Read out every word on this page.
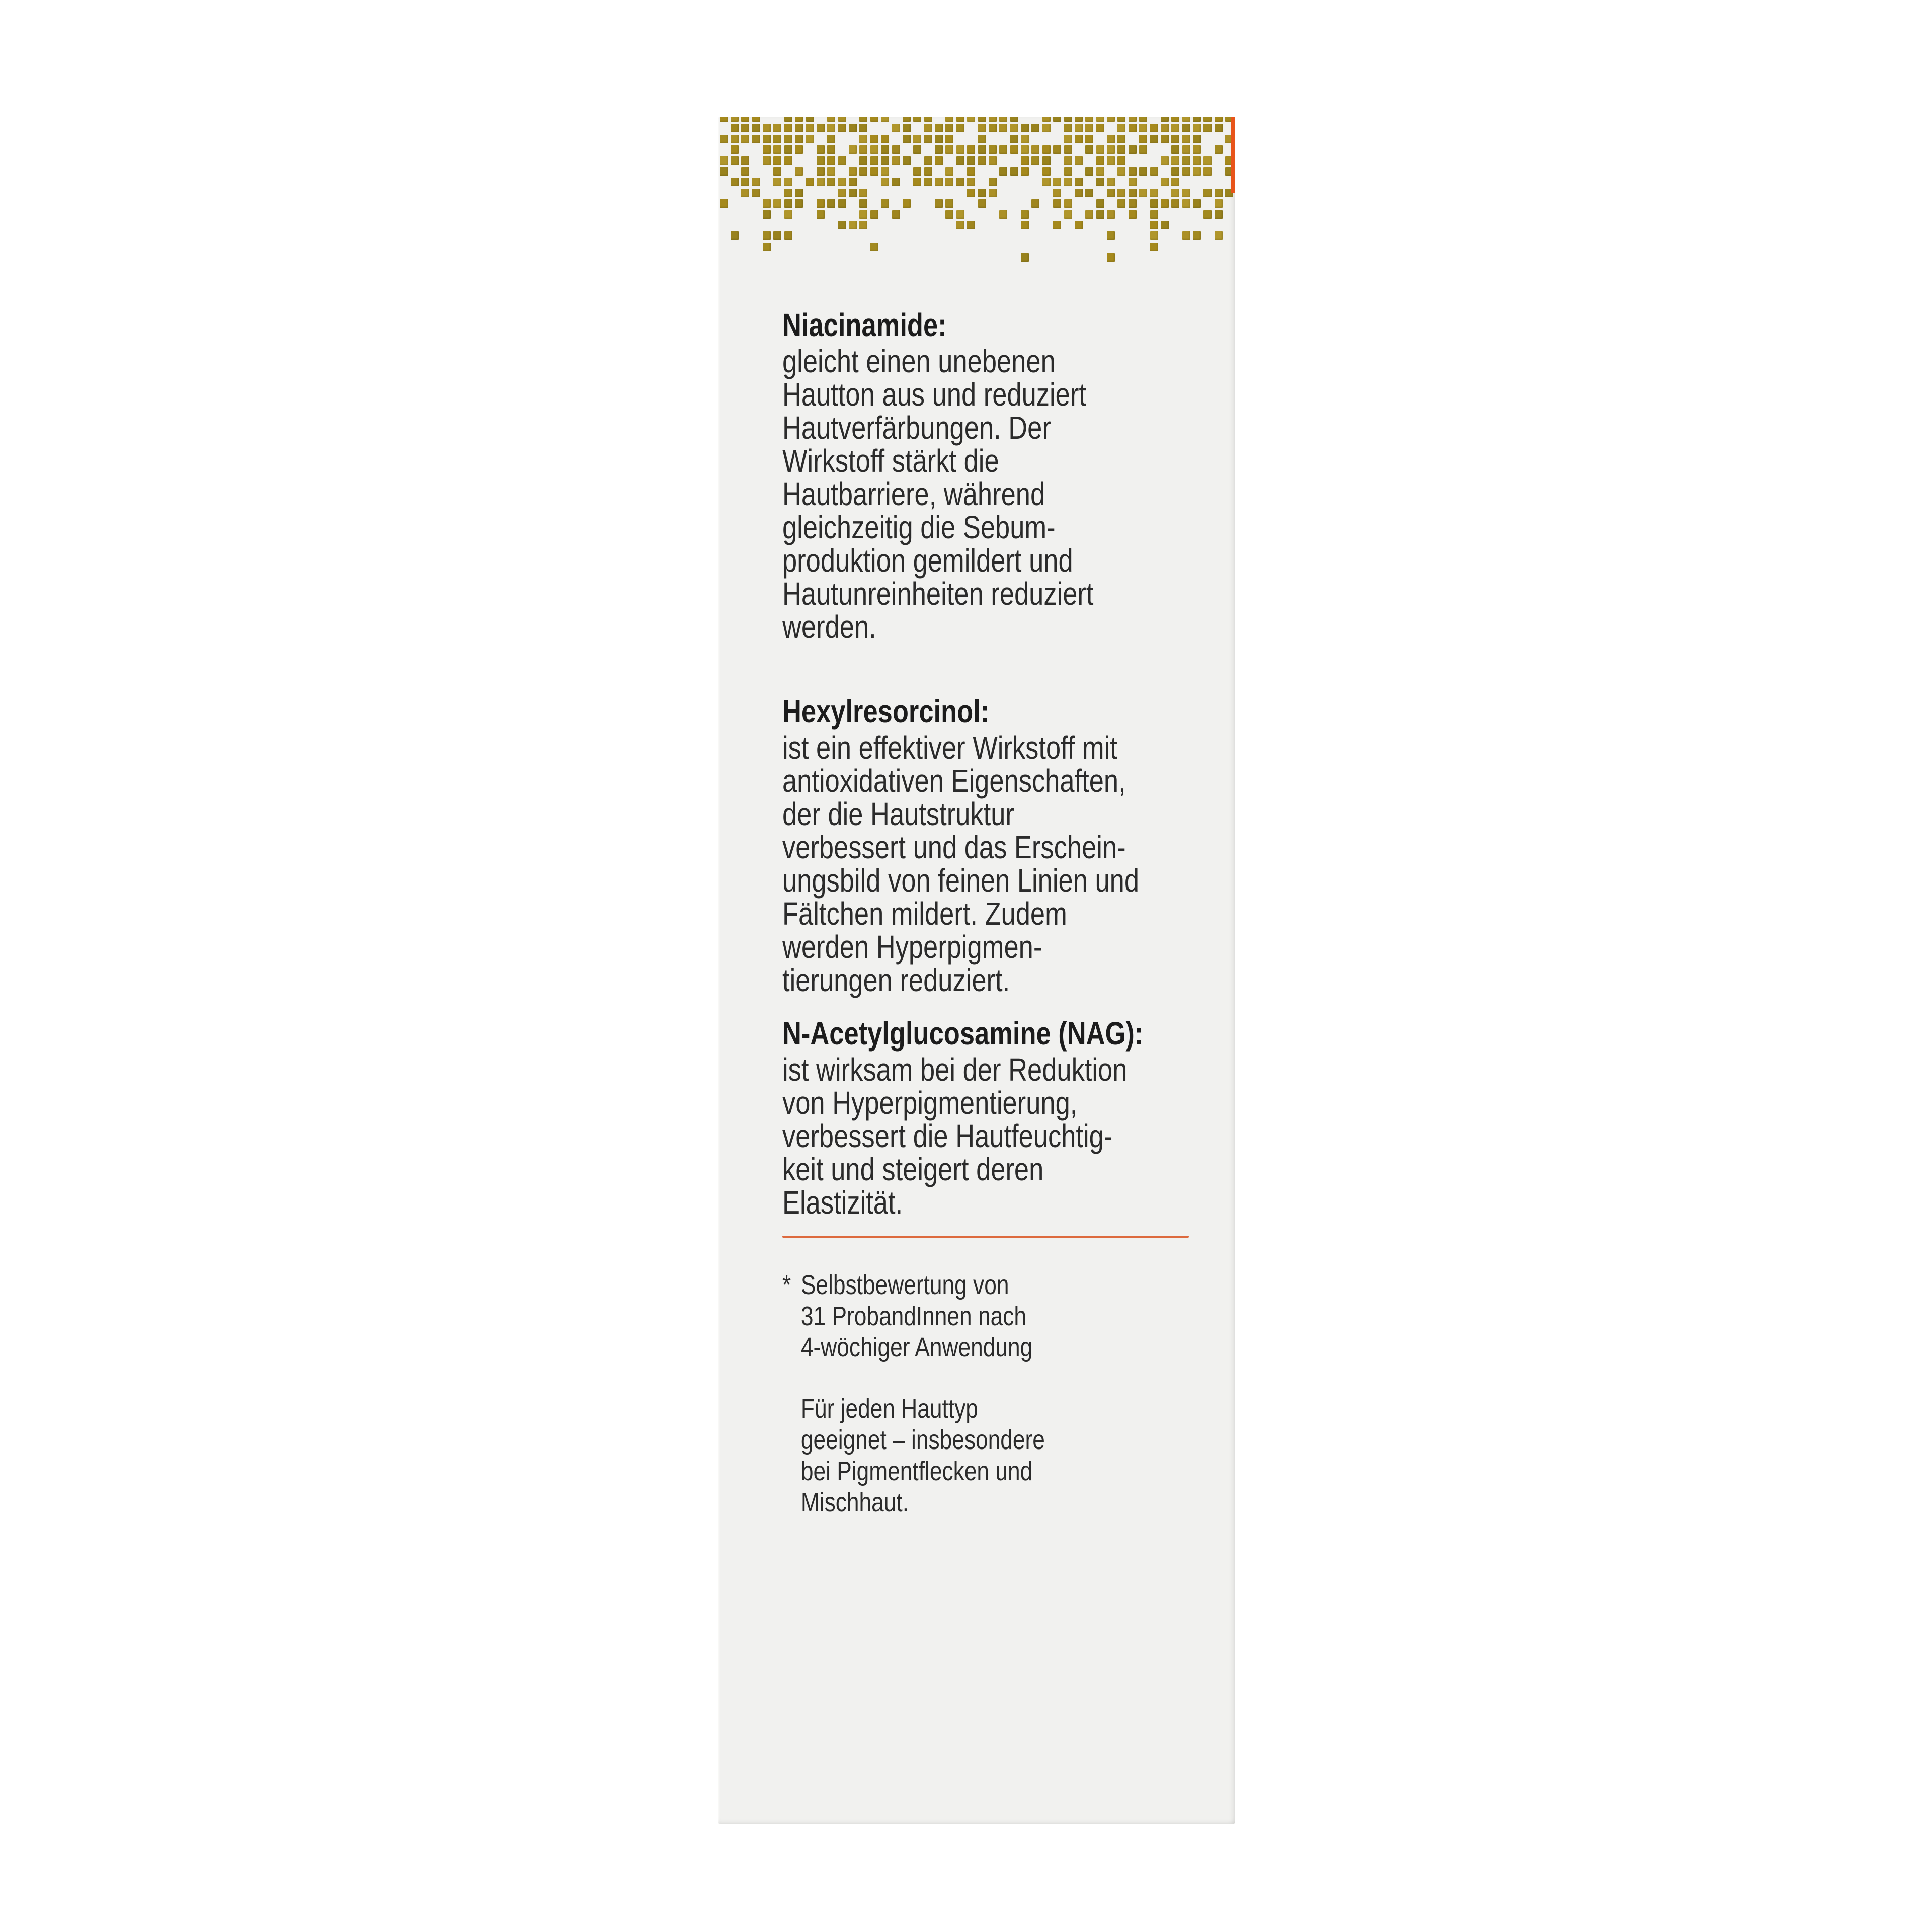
Niacinamide:
gleicht einen unebenen
Hautton aus und reduziert
Hautverfärbungen. Der
Wirkstoff stärkt die
Hautbarriere, während
gleichzeitig die Sebum-
produktion gemildert und
Hautunreinheiten reduziert
werden.
Hexylresorcinol:
ist ein effektiver Wirkstoff mit
antioxidativen Eigenschaften,
der die Hautstruktur
verbessert und das Erschein-
ungsbild von feinen Linien und
Fältchen mildert. Zudem
werden Hyperpigmen-
tierungen reduziert.
N-Acetylglucosamine (NAG):
ist wirksam bei der Reduktion
von Hyperpigmentierung,
verbessert die Hautfeuchtig-
keit und steigert deren
Elastizität.
* Selbstbewertung von
31 ProbandInnen nach
4-wöchiger Anwendung
Für jeden Hauttyp
geeignet – insbesondere
bei Pigmentflecken und
Mischhaut.
